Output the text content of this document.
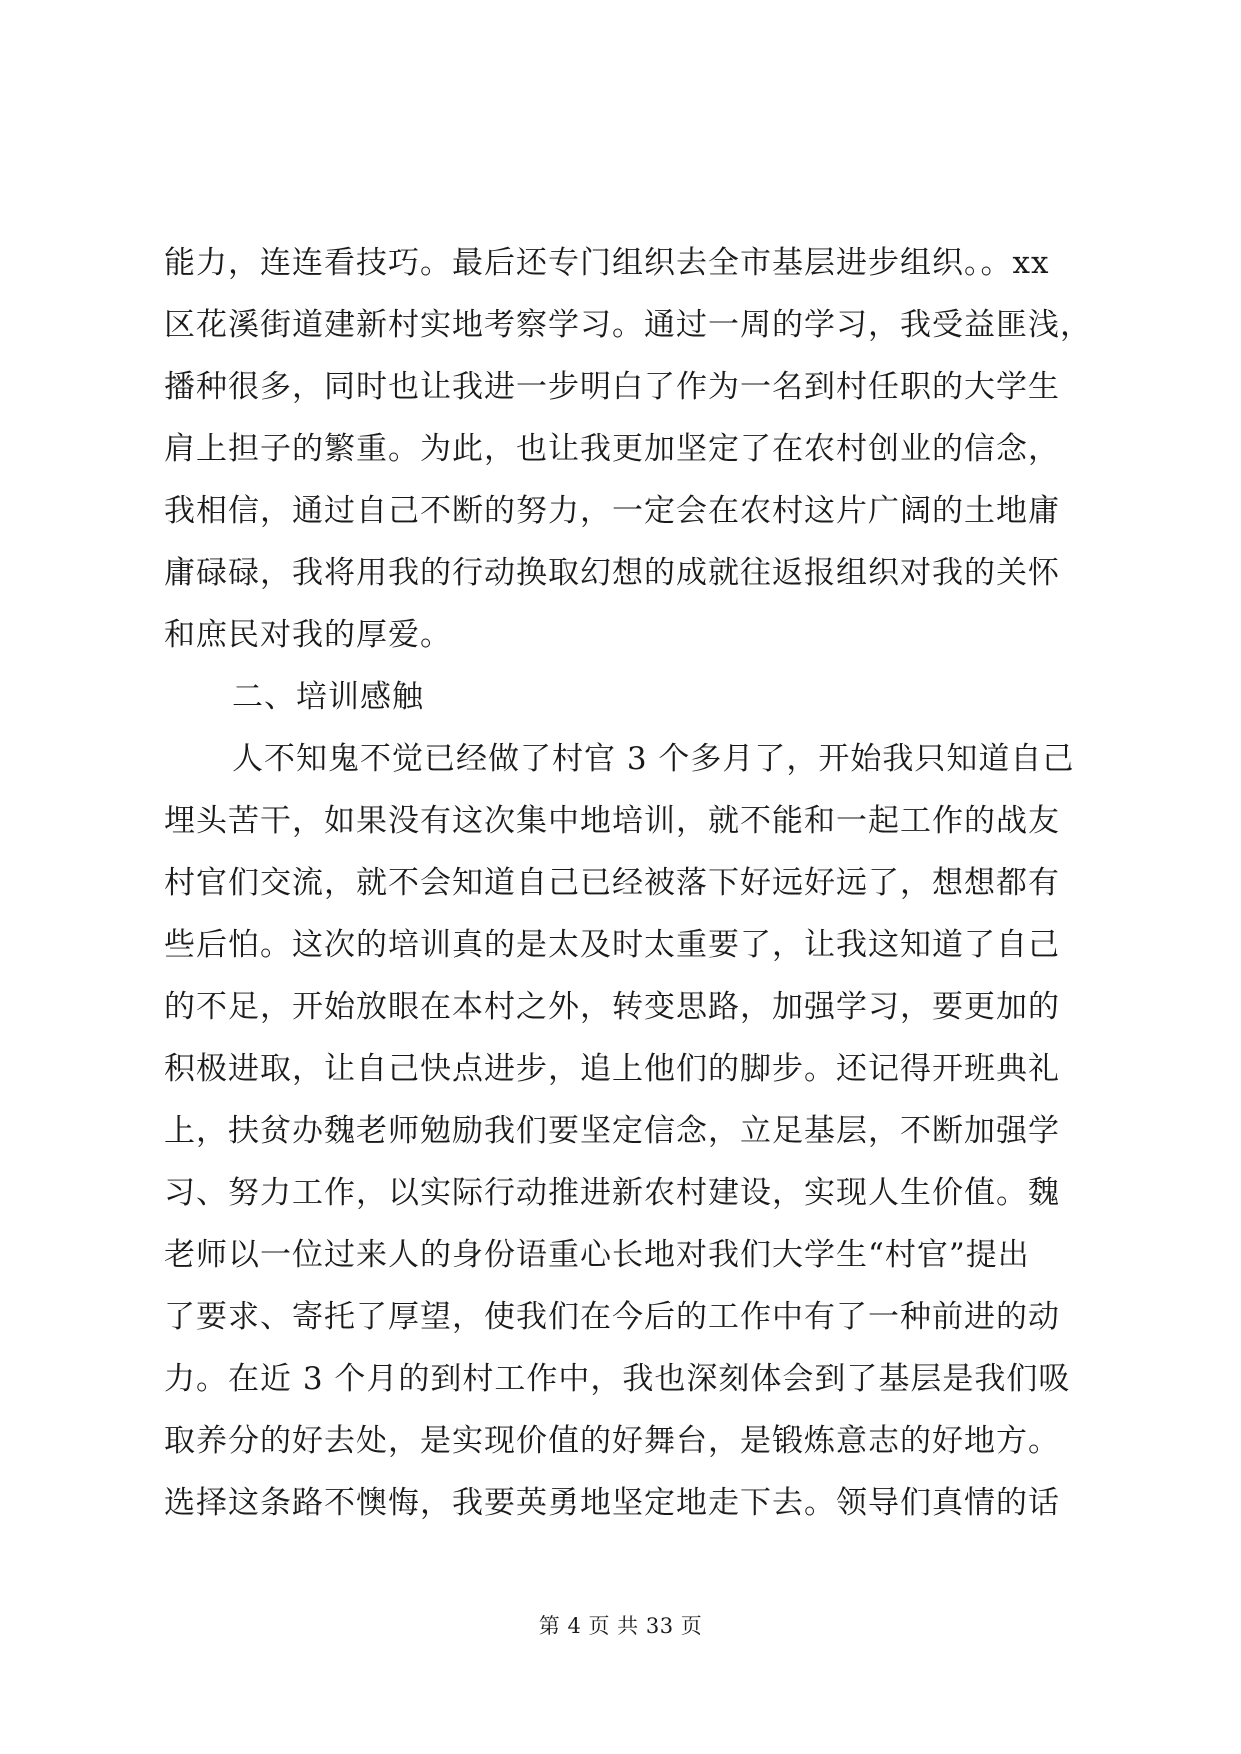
能力，连连看技巧。最后还专门组织去全市基层进步组织。。xx
区花溪街道建新村实地考察学习。通过一周的学习，我受益匪浅，
播种很多，同时也让我进一步明白了作为一名到村任职的大学生
肩上担子的繁重。为此，也让我更加坚定了在农村创业的信念，
我相信，通过自己不断的努力，一定会在农村这片广阔的土地庸
庸碌碌，我将用我的行动换取幻想的成就往返报组织对我的关怀
和庶民对我的厚爱。
二、培训感触
人不知鬼不觉已经做了村官 3 个多月了，开始我只知道自己
埋头苦干，如果没有这次集中地培训，就不能和一起工作的战友
村官们交流，就不会知道自己已经被落下好远好远了，想想都有
些后怕。这次的培训真的是太及时太重要了，让我这知道了自己
的不足，开始放眼在本村之外，转变思路，加强学习，要更加的
积极进取，让自己快点进步，追上他们的脚步。还记得开班典礼
上，扶贫办魏老师勉励我们要坚定信念，立足基层，不断加强学
习、努力工作，以实际行动推进新农村建设，实现人生价值。魏
老师以一位过来人的身份语重心长地对我们大学生“村官”提出
了要求、寄托了厚望，使我们在今后的工作中有了一种前进的动
力。在近 3 个月的到村工作中，我也深刻体会到了基层是我们吸
取养分的好去处，是实现价值的好舞台，是锻炼意志的好地方。
选择这条路不懊悔，我要英勇地坚定地走下去。领导们真情的话
第 4 页 共 33 页
